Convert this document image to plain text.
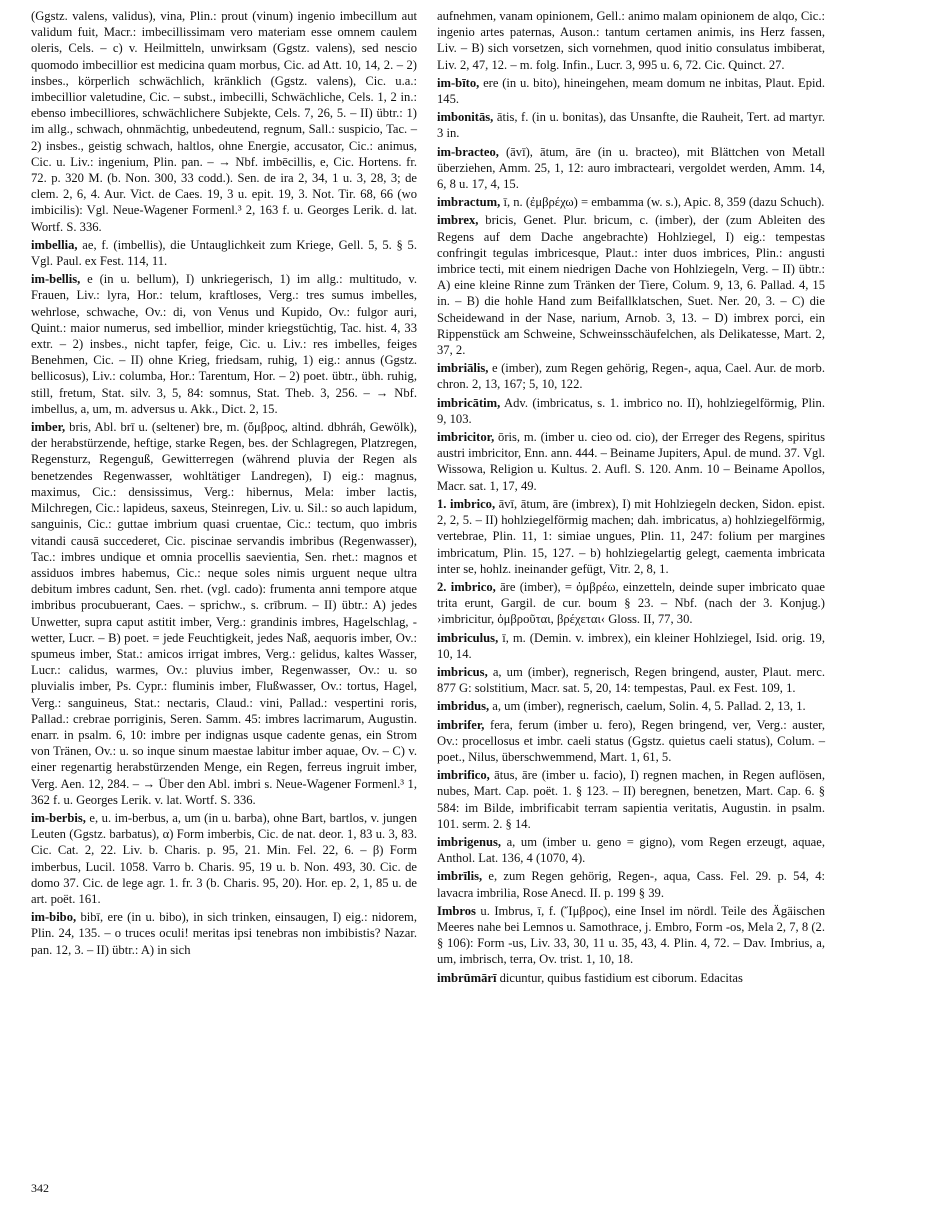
(Ggstz. valens, validus), vina, Plin.: prout (vinum) ingenio imbecillum aut validum fuit, Macr.: imbecillissimam vero materiam esse omnem caulem oleris, Cels. – c) v. Heilmitteln, unwirksam (Ggstz. valens), sed nescio quomodo imbecillior est medicina quam morbus, Cic. ad Att. 10, 14, 2. – 2) insbes., körperlich schwächlich, kränklich (Ggstz. valens), Cic. u.a.: imbecillior valetudine, Cic. – subst., imbecilli, Schwächliche, Cels. 1, 2 in.: ebenso imbecilliores, schwächlichere Subjekte, Cels. 7, 26, 5. – II) übtr.: 1) im allg., schwach, ohnmächtig, unbedeutend, regnum, Sall.: suspicio, Tac. – 2) insbes., geistig schwach, haltlos, ohne Energie, accusator, Cic.: animus, Cic. u. Liv.: ingenium, Plin. pan. – → Nbf. imbēcillis, e, Cic. Hortens. fr. 72. p. 320 M. (b. Non. 300, 33 codd.). Sen. de ira 2, 34, 1 u. 3, 28, 3; de clem. 2, 6, 4. Aur. Vict. de Caes. 19, 3 u. epit. 19, 3. Not. Tir. 68, 66 (wo imbicilis): Vgl. Neue-Wagener Formenl.³ 2, 163 f. u. Georges Lerik. d. lat. Wortf. S. 336.

imbellia, ae, f. (imbellis), die Untauglichkeit zum Kriege, Gell. 5, 5. § 5. Vgl. Paul. ex Fest. 114, 11.

im-bellis, e (in u. bellum), I) unkriegerisch, 1) im allg.: multitudo, v. Frauen, Liv.: lyra, Hor.: telum, kraftloses, Verg.: tres sumus imbelles, wehrlose, schwache, Ov.: di, von Venus und Kupido, Ov.: fulgor auri, Quint.: maior numerus, sed imbellior, minder kriegstüchtig, Tac. hist. 4, 33 extr. – 2) insbes., nicht tapfer, feige, Cic. u. Liv.: res imbelles, feiges Benehmen, Cic. – II) ohne Krieg, friedsam, ruhig, 1) eig.: annus (Ggstz. bellicosus), Liv.: columba, Hor.: Tarentum, Hor. – 2) poet. übtr., übh. ruhig, still, fretum, Stat. silv. 3, 5, 84: somnus, Stat. Theb. 3, 256. – → Nbf. imbellus, a, um, m. adversus u. Akk., Dict. 2, 15.

imber, bris, Abl. brī u. (seltener) bre, m. (ὄμβρος, altind. dbhráh, Gewölk), der herabstürzende, heftige, starke Regen, bes. der Schlagregen, Platzregen, Regensturz, Regenguß, Gewitterregen (während pluvia der Regen als benetzendes Regenwasser, wohltätiger Landregen), I) eig.: magnus, maximus, Cic.: densissimus, Verg.: hibernus, Mela: imber lactis, Milchregen, Cic.: lapideus, saxeus, Steinregen, Liv. u. Sil.: so auch lapidum, sanguinis, Cic.: guttae imbrium quasi cruentae, Cic.: tectum, quo imbris vitandi causā succederet, Cic. piscinae servandis imbribus (Regenwasser), Tac.: imbres undique et omnia procellis saevientia, Sen. rhet.: magnos et assiduos imbres habemus, Cic.: neque soles nimis urguent neque ultra debitum imbres cadunt, Sen. rhet. (vgl. cado): frumenta anni tempore atque imbribus procubuerant, Caes. – sprichw., s. crībrum. – II) übtr.: A) jedes Unwetter, supra caput astitit imber, Verg.: grandinis imbres, Hagelschlag, -wetter, Lucr. – B) poet. = jede Feuchtigkeit, jedes Naß, aequoris imber, Ov.: spumeus imber, Stat.: amicos irrigat imbres, Verg.: gelidus, kaltes Wasser, Lucr.: calidus, warmes, Ov.: pluvius imber, Regenwasser, Ov.: u. so pluvialis imber, Ps. Cypr.: fluminis imber, Flußwasser, Ov.: tortus, Hagel, Verg.: sanguineus, Stat.: nectaris, Claud.: vini, Pallad.: vespertini roris, Pallad.: crebrae porriginis, Seren. Samm. 45: imbres lacrimarum, Augustin. enarr. in psalm. 6, 10: imbre per indignas usque cadente genas, ein Strom von Tränen, Ov.: u. so inque sinum maestae labitur imber aquae, Ov. – C) v. einer regenartig herabstürzenden Menge, ein Regen, ferreus ingruit imber, Verg. Aen. 12, 284. – → Über den Abl. imbri s. Neue-Wagener Formenl.³ 1, 362 f. u. Georges Lerik. v. lat. Wortf. S. 336.

im-berbis, e, u. im-berbus, a, um (in u. barba), ohne Bart, bartlos, v. jungen Leuten (Ggstz. barbatus), α) Form imberbis, Cic. de nat. deor. 1, 83 u. 3, 83. Cic. Cat. 2, 22. Liv. b. Charis. p. 95, 21. Min. Fel. 22, 6. – β) Form imberbus, Lucil. 1058. Varro b. Charis. 95, 19 u. b. Non. 493, 30. Cic. de domo 37. Cic. de lege agr. 1. fr. 3 (b. Charis. 95, 20). Hor. ep. 2, 1, 85 u. de art. poët. 161.

im-bibo, bibī, ere (in u. bibo), in sich trinken, einsaugen, I) eig.: nidorem, Plin. 24, 135. – o truces oculi! meritas ipsi tenebras non imbibistis? Nazar. pan. 12, 3. – II) übtr.: A) in sich

aufnehmen, vanam opinionem, Gell.: animo malam opinionem de alqo, Cic.: ingenio artes paternas, Auson.: tantum certamen animis, ins Herz fassen, Liv. – B) sich vorsetzen, sich vornehmen, quod initio consulatus imbiberat, Liv. 2, 47, 12. – m. folg. Infin., Lucr. 3, 995 u. 6, 72. Cic. Quinct. 27.

im-bīto, ere (in u. bito), hineingehen, meam domum ne inbitas, Plaut. Epid. 145.

imbonitās, ātis, f. (in u. bonitas), das Unsanfte, die Rauheit, Tert. ad martyr. 3 in.

im-bracteo, (āvī), ātum, āre (in u. bracteo), mit Blättchen von Metall überziehen, Amm. 25, 1, 12: auro imbracteari, vergoldet werden, Amm. 14, 6, 8 u. 17, 4, 15.

imbractum, ī, n. (ἐμβρέχω) = embamma (w. s.), Apic. 8, 359 (dazu Schuch).

imbrex, bricis, Genet. Plur. bricum, c. (imber), der (zum Ableiten des Regens auf dem Dache angebrachte) Hohlziegel, I) eig.: tempestas confringit tegulas imbricesque, Plaut.: inter duos imbrices, Plin.: angusti imbrice tecti, mit einem niedrigen Dache von Hohlziegeln, Verg. – II) übtr.: A) eine kleine Rinne zum Tränken der Tiere, Colum. 9, 13, 6. Pallad. 4, 15 in. – B) die hohle Hand zum Beifallklatschen, Suet. Ner. 20, 3. – C) die Scheidewand in der Nase, narium, Arnob. 3, 13. – D) imbrex porci, ein Rippenstück am Schweine, Schweinsschäufelchen, als Delikatesse, Mart. 2, 37, 2.

imbriālis, e (imber), zum Regen gehörig, Regen-, aqua, Cael. Aur. de morb. chron. 2, 13, 167; 5, 10, 122.

imbricātim, Adv. (imbricatus, s. 1. imbrico no. II), hohlziegelförmig, Plin. 9, 103.

imbricitor, ōris, m. (imber u. cieo od. cio), der Erreger des Regens, spiritus austri imbricitor, Enn. ann. 444. – Beiname Jupiters, Apul. de mund. 37. Vgl. Wissowa, Religion u. Kultus. 2. Aufl. S. 120. Anm. 10 – Beiname Apollos, Macr. sat. 1, 17, 49.

1. imbrico, āvī, ātum, āre (imbrex), I) mit Hohlziegeln decken, Sidon. epist. 2, 2, 5. – II) hohlziegelförmig machen; dah. imbricatus, a) hohlziegelförmig, vertebrae, Plin. 11, 1: simiae ungues, Plin. 11, 247: folium per margines imbricatum, Plin. 15, 127. – b) hohlziegelartig gelegt, caementa imbricata inter se, hohlz. ineinander gefügt, Vitr. 2, 8, 1.

2. imbrico, āre (imber), = ὀμβρέω, einzetteln, deinde super imbricato quae trita erunt, Gargil. de cur. boum § 23. – Nbf. (nach der 3. Konjug.) ›imbricitur, ὀμβροῦται, βρέχεται‹ Gloss. II, 77, 30.

imbriculus, ī, m. (Demin. v. imbrex), ein kleiner Hohlziegel, Isid. orig. 19, 10, 14.

imbricus, a, um (imber), regnerisch, Regen bringend, auster, Plaut. merc. 877 G: solstitium, Macr. sat. 5, 20, 14: tempestas, Paul. ex Fest. 109, 1.

imbridus, a, um (imber), regnerisch, caelum, Solin. 4, 5. Pallad. 2, 13, 1.

imbrifer, fera, ferum (imber u. fero), Regen bringend, ver, Verg.: auster, Ov.: procellosus et imbr. caeli status (Ggstz. quietus caeli status), Colum. – poet., Nilus, überschwemmend, Mart. 1, 61, 5.

imbrifico, ātus, āre (imber u. facio), I) regnen machen, in Regen auflösen, nubes, Mart. Cap. poët. 1. § 123. – II) beregnen, benetzen, Mart. Cap. 6. § 584: im Bilde, imbrificabit terram sapientia veritatis, Augustin. in psalm. 101. serm. 2. § 14.

imbrigenus, a, um (imber u. geno = gigno), vom Regen erzeugt, aquae, Anthol. Lat. 136, 4 (1070, 4).

imbrīlis, e, zum Regen gehörig, Regen-, aqua, Cass. Fel. 29. p. 54, 4: lavacra imbrilia, Rose Anecd. II. p. 199 § 39.

Imbros u. Imbrus, ī, f. (Ἴμβρος), eine Insel im nördl. Teile des Ägäischen Meeres nahe bei Lemnos u. Samothrace, j. Embro, Form -os, Mela 2, 7, 8 (2. § 106): Form -us, Liv. 33, 30, 11 u. 35, 43, 4. Plin. 4, 72. – Dav. Imbrius, a, um, imbrisch, terra, Ov. trist. 1, 10, 18.

imbrūmārī dicuntur, quibus fastidium est ciborum. Edacitas

342
